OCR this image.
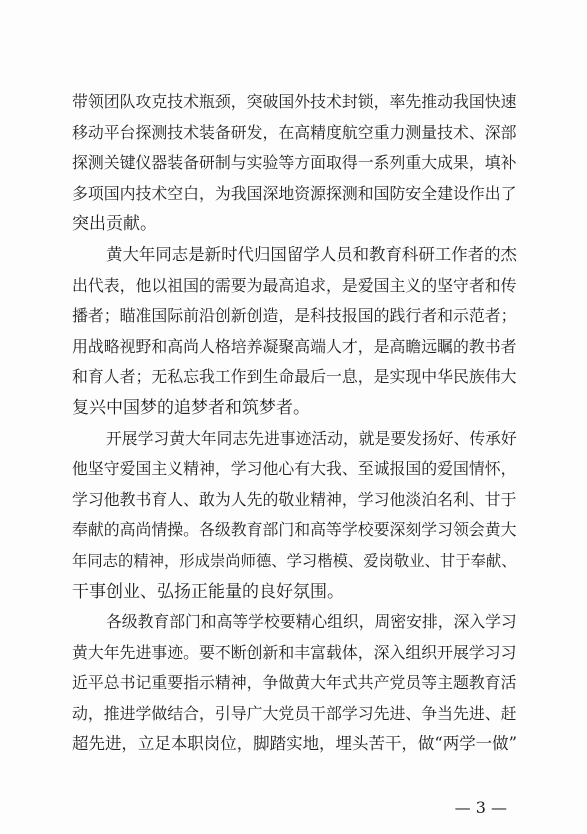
带领团队攻克技术瓶颈，突破国外技术封锁，率先推动我国快速
移动平台探测技术装备研发，在高精度航空重力测量技术、深部
探测关键仪器装备研制与实验等方面取得一系列重大成果，填补
多项国内技术空白，为我国深地资源探测和国防安全建设作出了
突出贡献。
黄大年同志是新时代归国留学人员和教育科研工作者的杰
出代表，他以祖国的需要为最高追求，是爱国主义的坚守者和传
播者；瞄准国际前沿创新创造，是科技报国的践行者和示范者；
用战略视野和高尚人格培养凝聚高端人才，是高瞻远瞩的教书者
和育人者；无私忘我工作到生命最后一息，是实现中华民族伟大
复兴中国梦的追梦者和筑梦者。
开展学习黄大年同志先进事迹活动，就是要发扬好、传承好
他坚守爱国主义精神，学习他心有大我、至诚报国的爱国情怀，
学习他教书育人、敢为人先的敬业精神，学习他淡泊名利、甘于
奉献的高尚情操。各级教育部门和高等学校要深刻学习领会黄大
年同志的精神，形成崇尚师德、学习楷模、爱岗敬业、甘于奉献、
干事创业、弘扬正能量的良好氛围。
各级教育部门和高等学校要精心组织，周密安排，深入学习
黄大年先进事迹。要不断创新和丰富载体，深入组织开展学习习
近平总书记重要指示精神，争做黄大年式共产党员等主题教育活
动，推进学做结合，引导广大党员干部学习先进、争当先进、赶
超先进，立足本职岗位，脚踏实地，埋头苦干，做“两学一做”
— 3 —
